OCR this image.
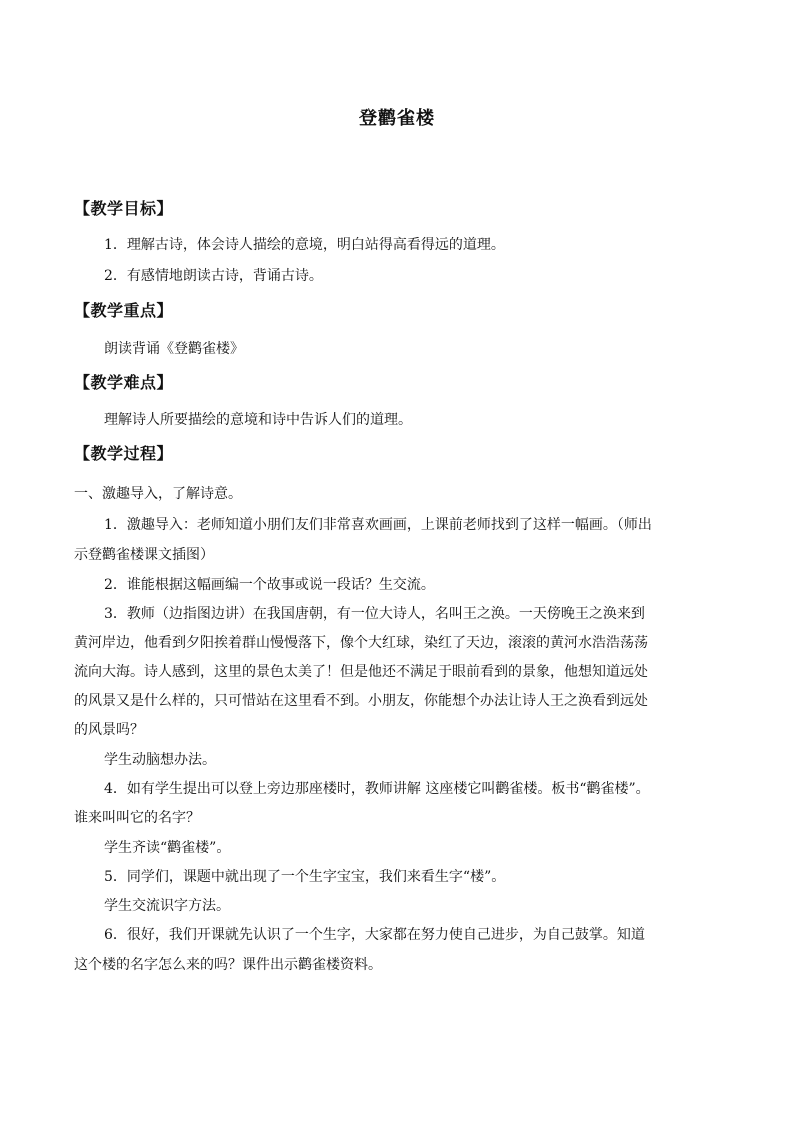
登鹳雀楼
【教学目标】
1．理解古诗，体会诗人描绘的意境，明白站得高看得远的道理。
2．有感情地朗读古诗，背诵古诗。
【教学重点】
朗读背诵《登鹳雀楼》
【教学难点】
理解诗人所要描绘的意境和诗中告诉人们的道理。
【教学过程】
一、激趣导入，了解诗意。
1．激趣导入：老师知道小朋们友们非常喜欢画画，上课前老师找到了这样一幅画。（师出
示登鹳雀楼课文插图）
2．谁能根据这幅画编一个故事或说一段话？生交流。
3．教师（边指图边讲）在我国唐朝，有一位大诗人，名叫王之涣。一天傍晚王之涣来到
黄河岸边，他看到夕阳挨着群山慢慢落下，像个大红球，染红了天边，滚滚的黄河水浩浩荡荡
流向大海。诗人感到，这里的景色太美了！但是他还不满足于眼前看到的景象，他想知道远处
的风景又是什么样的，只可惜站在这里看不到。小朋友，你能想个办法让诗人王之涣看到远处
的风景吗？
学生动脑想办法。
4．如有学生提出可以登上旁边那座楼时，教师讲解 这座楼它叫鹳雀楼。板书“鹳雀楼”。
谁来叫叫它的名字？
学生齐读“鹳雀楼”。
5．同学们，课题中就出现了一个生字宝宝，我们来看生字“楼”。
学生交流识字方法。
6．很好，我们开课就先认识了一个生字，大家都在努力使自己进步，为自己鼓掌。知道
这个楼的名字怎么来的吗？课件出示鹳雀楼资料。
